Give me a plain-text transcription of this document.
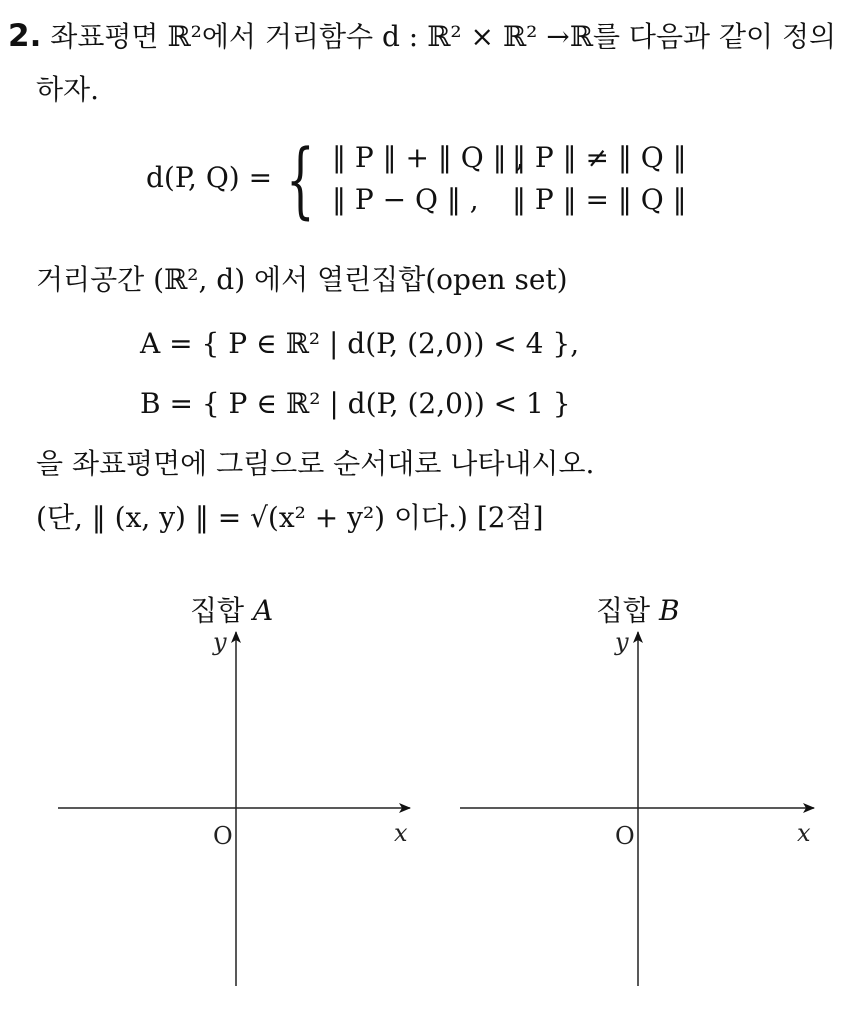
2. 좌표평면 ℝ²에서 거리함수 d : ℝ² × ℝ² →ℝ를 다음과 같이 정의
하자.
d(P, Q) = { ‖ P ‖ + ‖ Q ‖ ,
‖ P ‖ ≠ ‖ Q ‖
‖ P − Q ‖ , ‖ P ‖ = ‖ Q ‖
거리공간 (ℝ², d) 에서 열린집합(open set)
A = { P ∈ ℝ² | d(P, (2,0)) < 4 },
B = { P ∈ ℝ² | d(P, (2,0)) < 1 }
을 좌표평면에 그림으로 순서대로 나타내시오.
(단, ‖ (x, y) ‖ = √(x² + y²) 이다.) [2점]
집합 A	집합 B
y
x
O
y
x
O
